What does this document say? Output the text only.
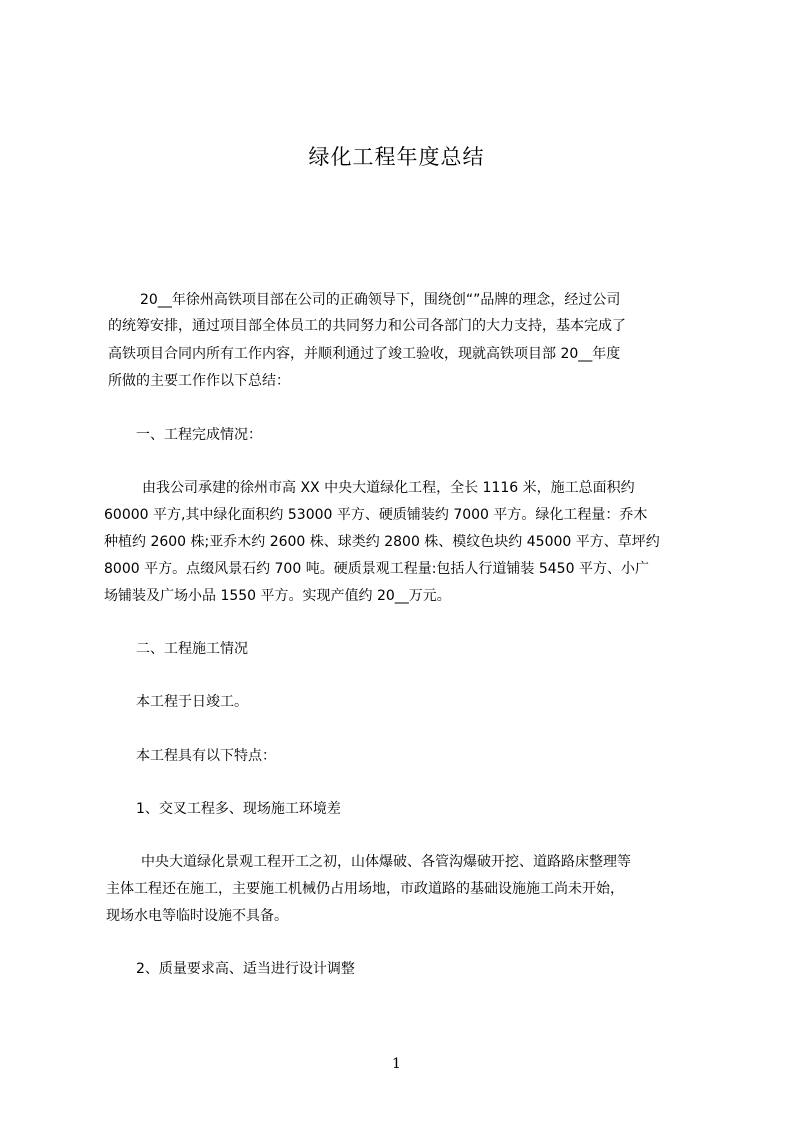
绿化工程年度总结
20__年徐州高铁项目部在公司的正确领导下，围绕创“”品牌的理念，经过公司
的统筹安排，通过项目部全体员工的共同努力和公司各部门的大力支持，基本完成了
高铁项目合同内所有工作内容，并顺利通过了竣工验收，现就高铁项目部 20__年度
所做的主要工作作以下总结：
一、工程完成情况：
由我公司承建的徐州市高 XX 中央大道绿化工程，全长 1116 米，施工总面积约
60000 平方,其中绿化面积约 53000 平方、硬质铺装约 7000 平方。绿化工程量：乔木
种植约 2600 株;亚乔木约 2600 株、球类约 2800 株、模纹色块约 45000 平方、草坪约
8000 平方。点缀风景石约 700 吨。硬质景观工程量:包括人行道铺装 5450 平方、小广
场铺装及广场小品 1550 平方。实现产值约 20__万元。
二、工程施工情况
本工程于日竣工。
本工程具有以下特点：
1、交叉工程多、现场施工环境差
中央大道绿化景观工程开工之初，山体爆破、各管沟爆破开挖、道路路床整理等
主体工程还在施工，主要施工机械仍占用场地，市政道路的基础设施施工尚未开始，
现场水电等临时设施不具备。
2、质量要求高、适当进行设计调整
1
